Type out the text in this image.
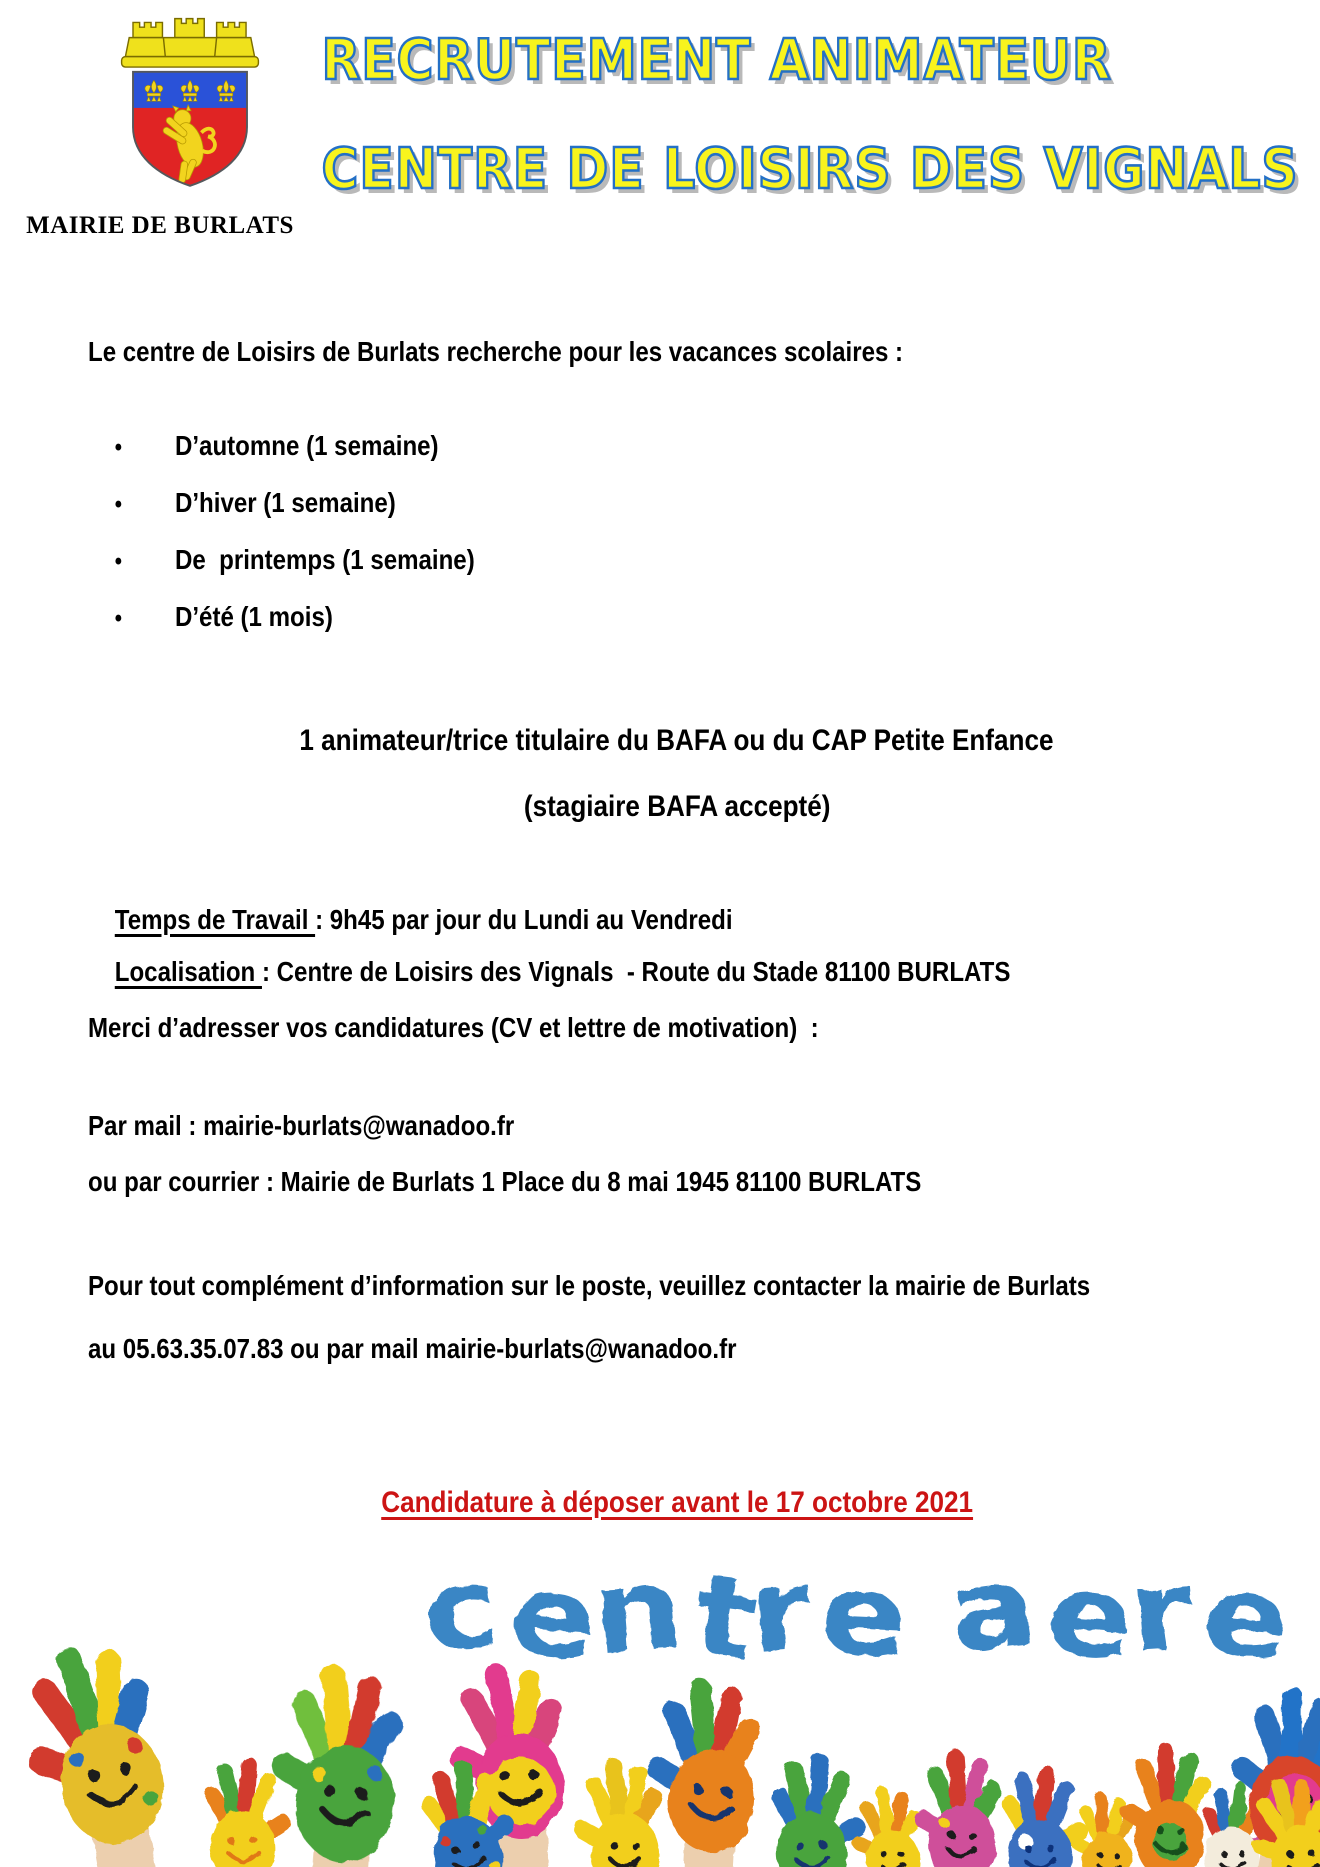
MAIRIE DE BURLATS
RECRUTEMENT ANIMATEUR
CENTRE DE LOISIRS DES VIGNALS
Le centre de Loisirs de Burlats recherche pour les vacances scolaires :

• D’automne (1 semaine)

• D’hiver (1 semaine)

• De  printemps (1 semaine)

• D’été (1 mois)

1 animateur/trice titulaire du BAFA ou du CAP Petite Enfance

(stagiaire BAFA accepté)

Temps de Travail : 9h45 par jour du Lundi au Vendredi

Localisation : Centre de Loisirs des Vignals  - Route du Stade 81100 BURLATS

Merci d’adresser vos candidatures (CV et lettre de motivation)  :
Par mail : mairie-burlats@wanadoo.fr
ou par courrier : Mairie de Burlats 1 Place du 8 mai 1945 81100 BURLATS
Pour tout complément d’information sur le poste, veuillez contacter la mairie de Burlats
au 05.63.35.07.83 ou par mail mairie-burlats@wanadoo.fr

Candidature à déposer avant le 17 octobre 2021

centre aere
